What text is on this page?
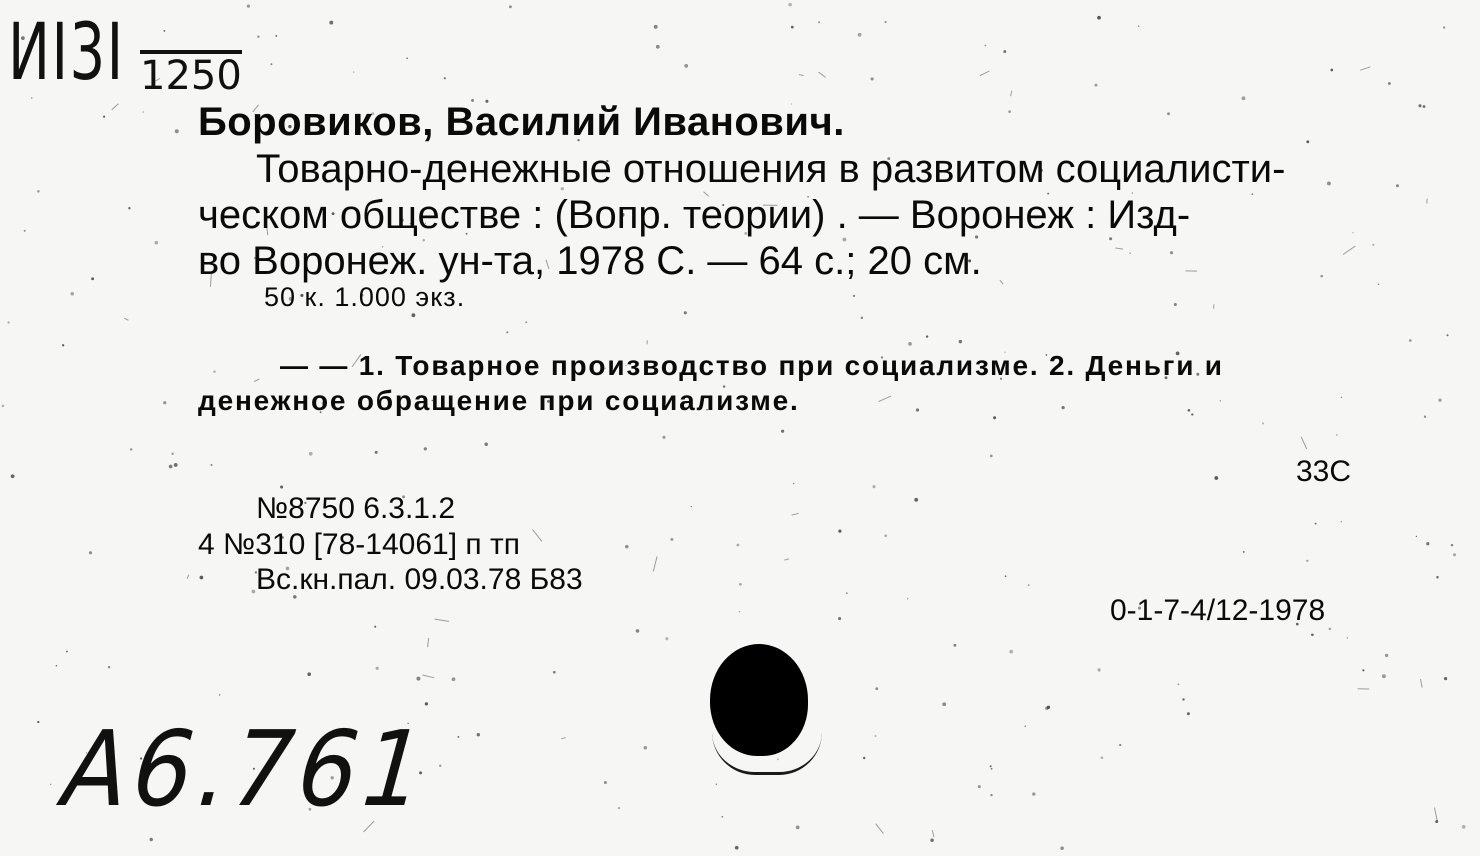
ИI3I 1250
Боровиков, Василий Иванович.
Товарно-денежные отношения в развитом социалисти-
ческом обществе : (Вопр. теории) . — Воронеж : Изд-
во Воронеж. ун-та, 1978 С. — 64 с.; 20 см.
50 к. 1.000 экз.
— — 1. Товарное производство при социализме. 2. Деньги и
денежное обращение при социализме.
33С
№8750 6.3.1.2
4 №310 [78-14061] п тп
Вс.кн.пал. 09.03.78 Б83
0-1-7-4/12-1978
А6.761
